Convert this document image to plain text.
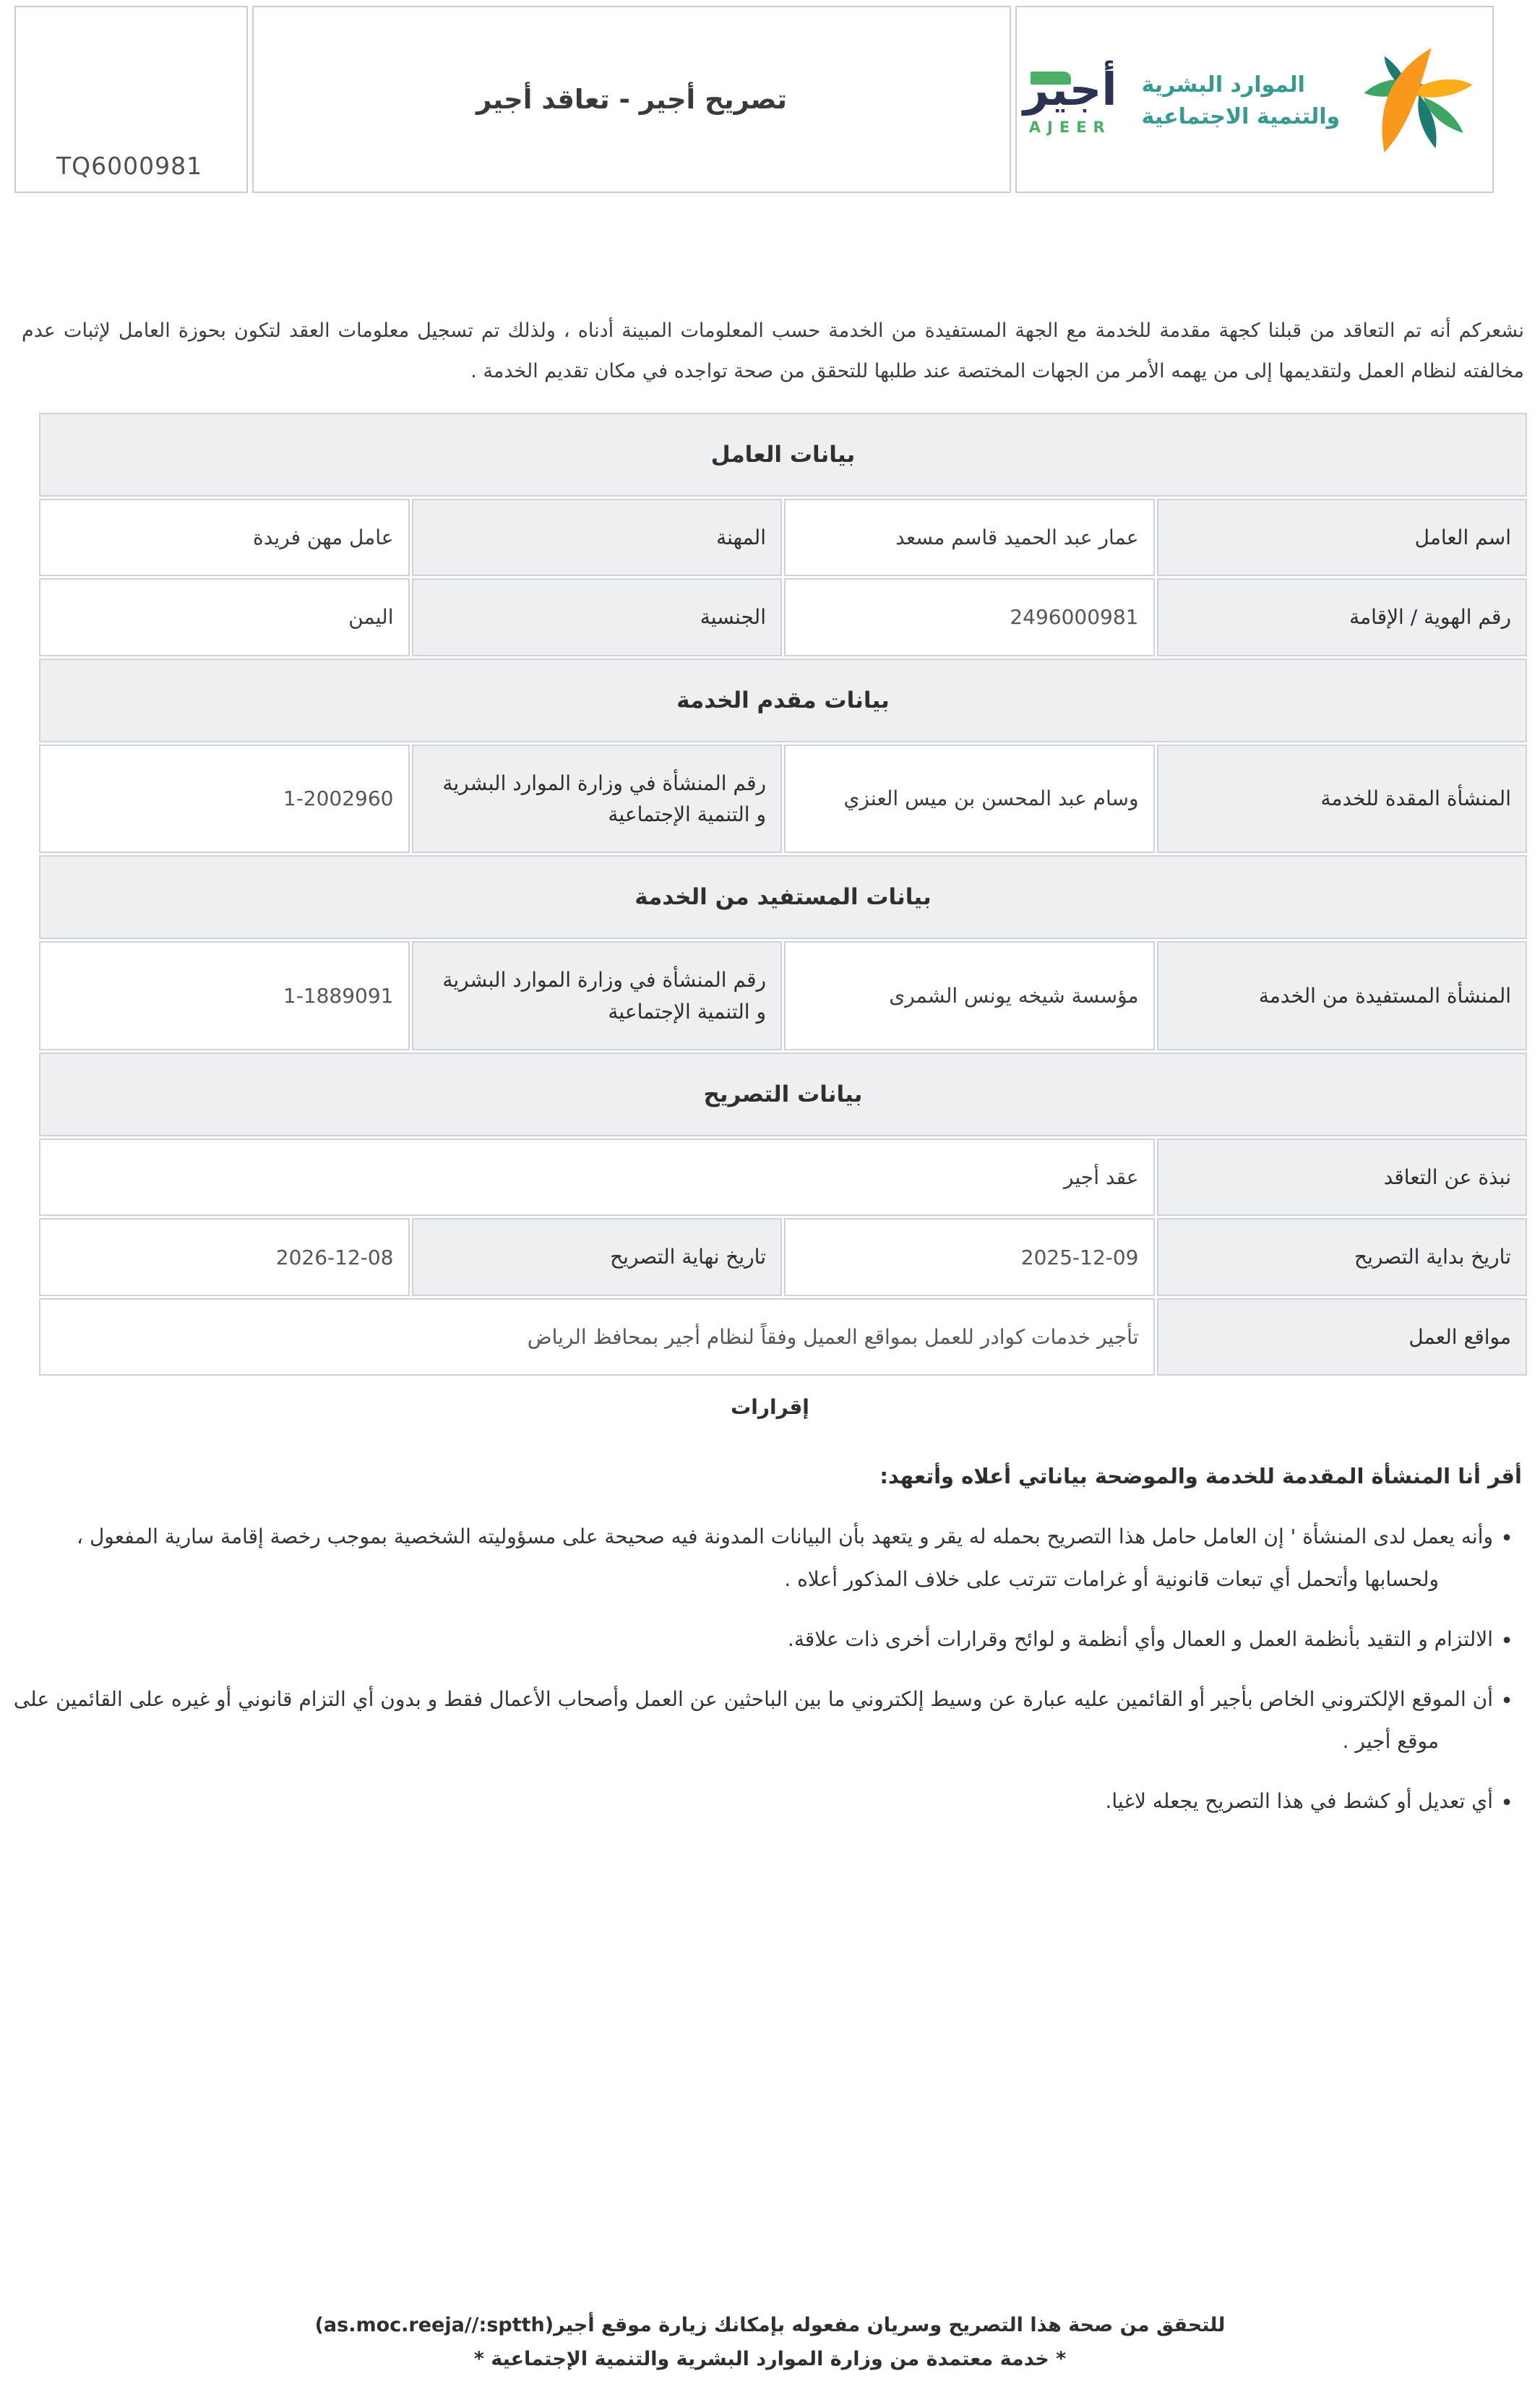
TQ6000981
تصريح أجير - تعاقد أجير	أجير
AJEER
الموارد البشرية
والتنمية الاجتماعية

نشعركم أنه تم التعاقد من قبلنا كجهة مقدمة للخدمة مع الجهة المستفيدة من الخدمة حسب المعلومات المبينة أدناه ، ولذلك تم تسجيل معلومات العقد لتكون بحوزة العامل لإثبات عدم مخالفته لنظام العمل ولتقديمها إلى من يهمه الأمر من الجهات المختصة عند طلبها للتحقق من صحة تواجده في مكان تقديم الخدمة .

بيانات العامل			
اسم العامل	عمار عبد الحميد قاسم مسعد	المهنة	عامل مهن فريدة
رقم الهوية / الإقامة	2496000981	الجنسية	اليمن
بيانات مقدم الخدمة			
المنشأة المقدة للخدمة	وسام عبد المحسن بن ميس العنزي	رقم المنشأة في وزارة الموارد البشرية و التنمية الإجتماعية	1-2002960
بيانات المستفيد من الخدمة			
المنشأة المستفيدة من الخدمة	مؤسسة شيخه يونس الشمرى	رقم المنشأة في وزارة الموارد البشرية و التنمية الإجتماعية	1-1889091
بيانات التصريح			
نبذة عن التعاقد	عقد أجير		
تاريخ بداية التصريح	2025-12-09	تاريخ نهاية التصريح	2026-12-08
مواقع العمل	تأجير خدمات كوادر للعمل بمواقع العميل وفقاً لنظام أجير بمحافظ الرياض		
إقرارات

أقر أنا المنشأة المقدمة للخدمة والموضحة بياناتي أعلاه وأتعهد:

• وأنه يعمل لدى المنشأة ' إن العامل حامل هذا التصريح بحمله له يقر و يتعهد بأن البيانات المدونة فيه صحيحة على مسؤوليته الشخصية بموجب رخصة إقامة سارية المفعول ، ولحسابها وأتحمل أي تبعات قانونية أو غرامات تترتب على خلاف المذكور أعلاه .
• الالتزام و التقيد بأنظمة العمل و العمال وأي أنظمة و لوائح وقرارات أخرى ذات علاقة.
• أن الموقع الإلكتروني الخاص بأجير أو القائمين عليه عبارة عن وسيط إلكتروني ما بين الباحثين عن العمل وأصحاب الأعمال فقط و بدون أي التزام قانوني أو غيره على القائمين على موقع أجير .
• أي تعديل أو كشط في هذا التصريح يجعله لاغيا.

للتحقق من صحة هذا التصريح وسريان مفعوله بإمكانك زيارة موقع أجير(as.moc.reeja//:sptth)

* خدمة معتمدة من وزارة الموارد البشرية والتنمية الإجتماعية *
